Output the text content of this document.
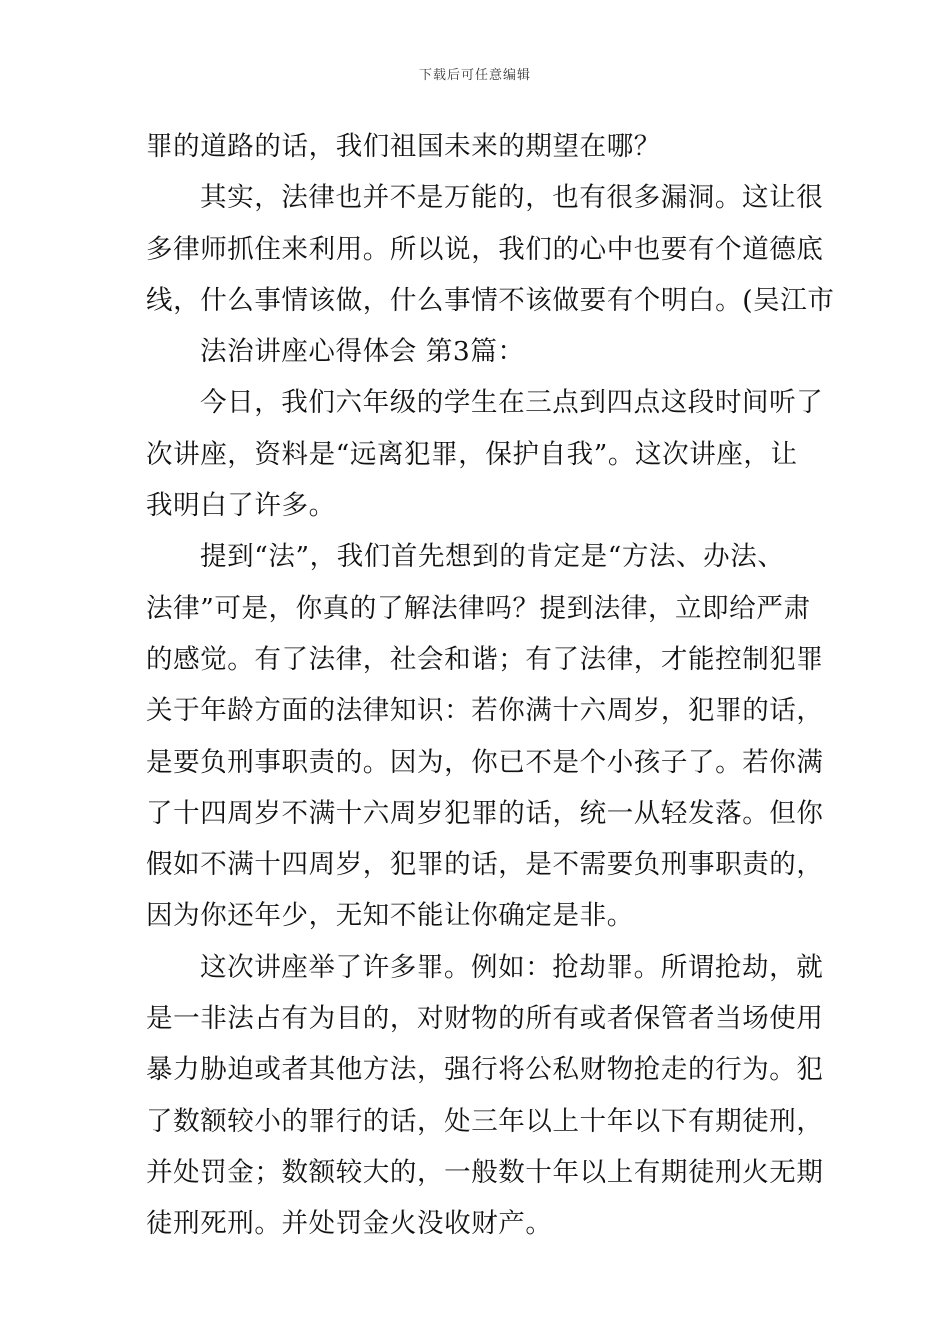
下载后可任意编辑
罪的道路的话，我们祖国未来的期望在哪？
其实，法律也并不是万能的，也有很多漏洞。这让很
多律师抓住来利用。所以说，我们的心中也要有个道德底
线，什么事情该做，什么事情不该做要有个明白。(吴江市
法治讲座心得体会 第3篇：
今日，我们六年级的学生在三点到四点这段时间听了
次讲座，资料是“远离犯罪，保护自我”。这次讲座，让
我明白了许多。
提到“法”，我们首先想到的肯定是“方法、办法、
法律”可是，你真的了解法律吗？提到法律，立即给严肃
的感觉。有了法律，社会和谐；有了法律，才能控制犯罪
关于年龄方面的法律知识：若你满十六周岁，犯罪的话，
是要负刑事职责的。因为，你已不是个小孩子了。若你满
了十四周岁不满十六周岁犯罪的话，统一从轻发落。但你
假如不满十四周岁，犯罪的话，是不需要负刑事职责的，
因为你还年少，无知不能让你确定是非。
这次讲座举了许多罪。例如：抢劫罪。所谓抢劫，就
是一非法占有为目的，对财物的所有或者保管者当场使用
暴力胁迫或者其他方法，强行将公私财物抢走的行为。犯
了数额较小的罪行的话，处三年以上十年以下有期徒刑，
并处罚金；数额较大的，一般数十年以上有期徒刑火无期
徒刑死刑。并处罚金火没收财产。
